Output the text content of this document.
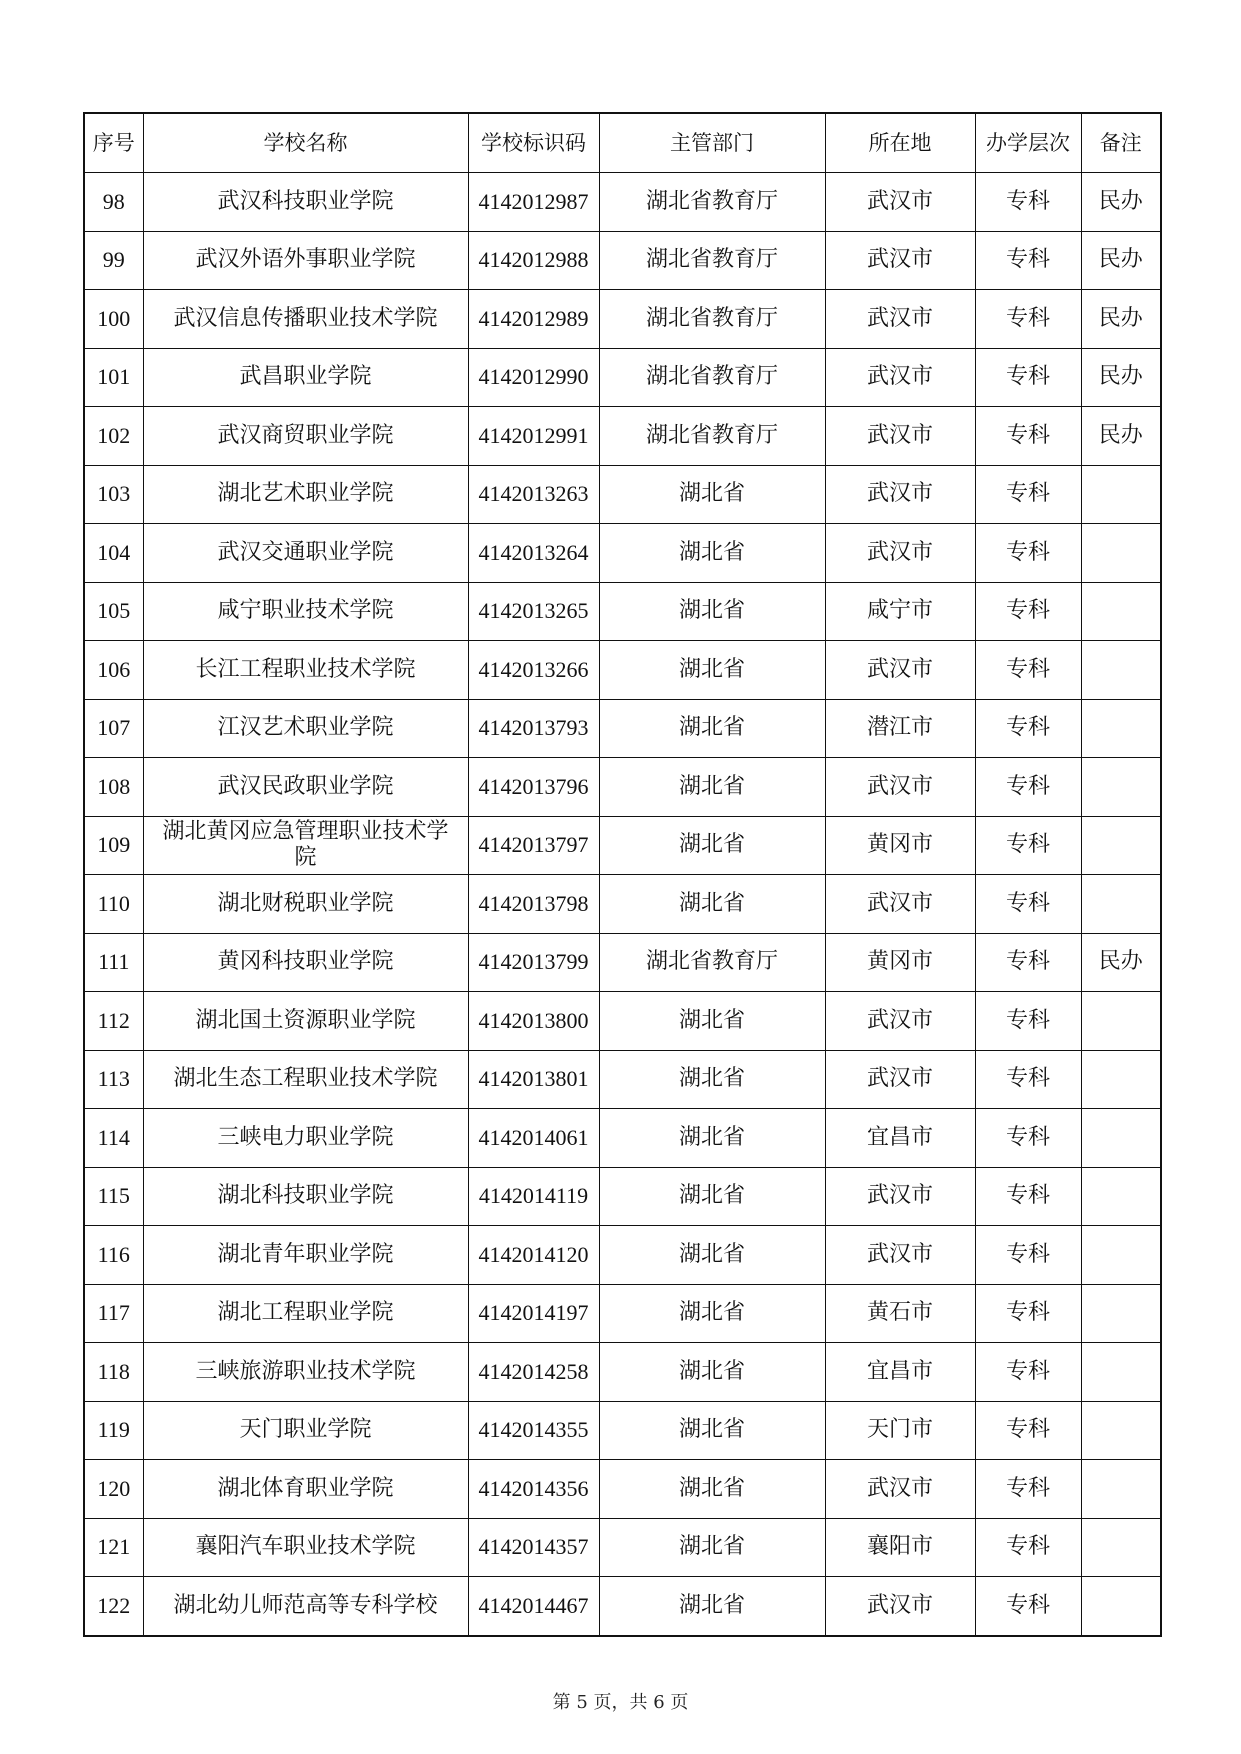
序号	学校名称	学校标识码	主管部门	所在地	办学层次	备注
98	武汉科技职业学院	4142012987	湖北省教育厅	武汉市	专科	民办
99	武汉外语外事职业学院	4142012988	湖北省教育厅	武汉市	专科	民办
100	武汉信息传播职业技术学院	4142012989	湖北省教育厅	武汉市	专科	民办
101	武昌职业学院	4142012990	湖北省教育厅	武汉市	专科	民办
102	武汉商贸职业学院	4142012991	湖北省教育厅	武汉市	专科	民办
103	湖北艺术职业学院	4142013263	湖北省	武汉市	专科	
104	武汉交通职业学院	4142013264	湖北省	武汉市	专科	
105	咸宁职业技术学院	4142013265	湖北省	咸宁市	专科	
106	长江工程职业技术学院	4142013266	湖北省	武汉市	专科	
107	江汉艺术职业学院	4142013793	湖北省	潜江市	专科	
108	武汉民政职业学院	4142013796	湖北省	武汉市	专科	
109	湖北黄冈应急管理职业技术学院	4142013797	湖北省	黄冈市	专科	
110	湖北财税职业学院	4142013798	湖北省	武汉市	专科	
111	黄冈科技职业学院	4142013799	湖北省教育厅	黄冈市	专科	民办
112	湖北国土资源职业学院	4142013800	湖北省	武汉市	专科	
113	湖北生态工程职业技术学院	4142013801	湖北省	武汉市	专科	
114	三峡电力职业学院	4142014061	湖北省	宜昌市	专科	
115	湖北科技职业学院	4142014119	湖北省	武汉市	专科	
116	湖北青年职业学院	4142014120	湖北省	武汉市	专科	
117	湖北工程职业学院	4142014197	湖北省	黄石市	专科	
118	三峡旅游职业技术学院	4142014258	湖北省	宜昌市	专科	
119	天门职业学院	4142014355	湖北省	天门市	专科	
120	湖北体育职业学院	4142014356	湖北省	武汉市	专科	
121	襄阳汽车职业技术学院	4142014357	湖北省	襄阳市	专科	
122	湖北幼儿师范高等专科学校	4142014467	湖北省	武汉市	专科	
第 5 页，共 6 页
